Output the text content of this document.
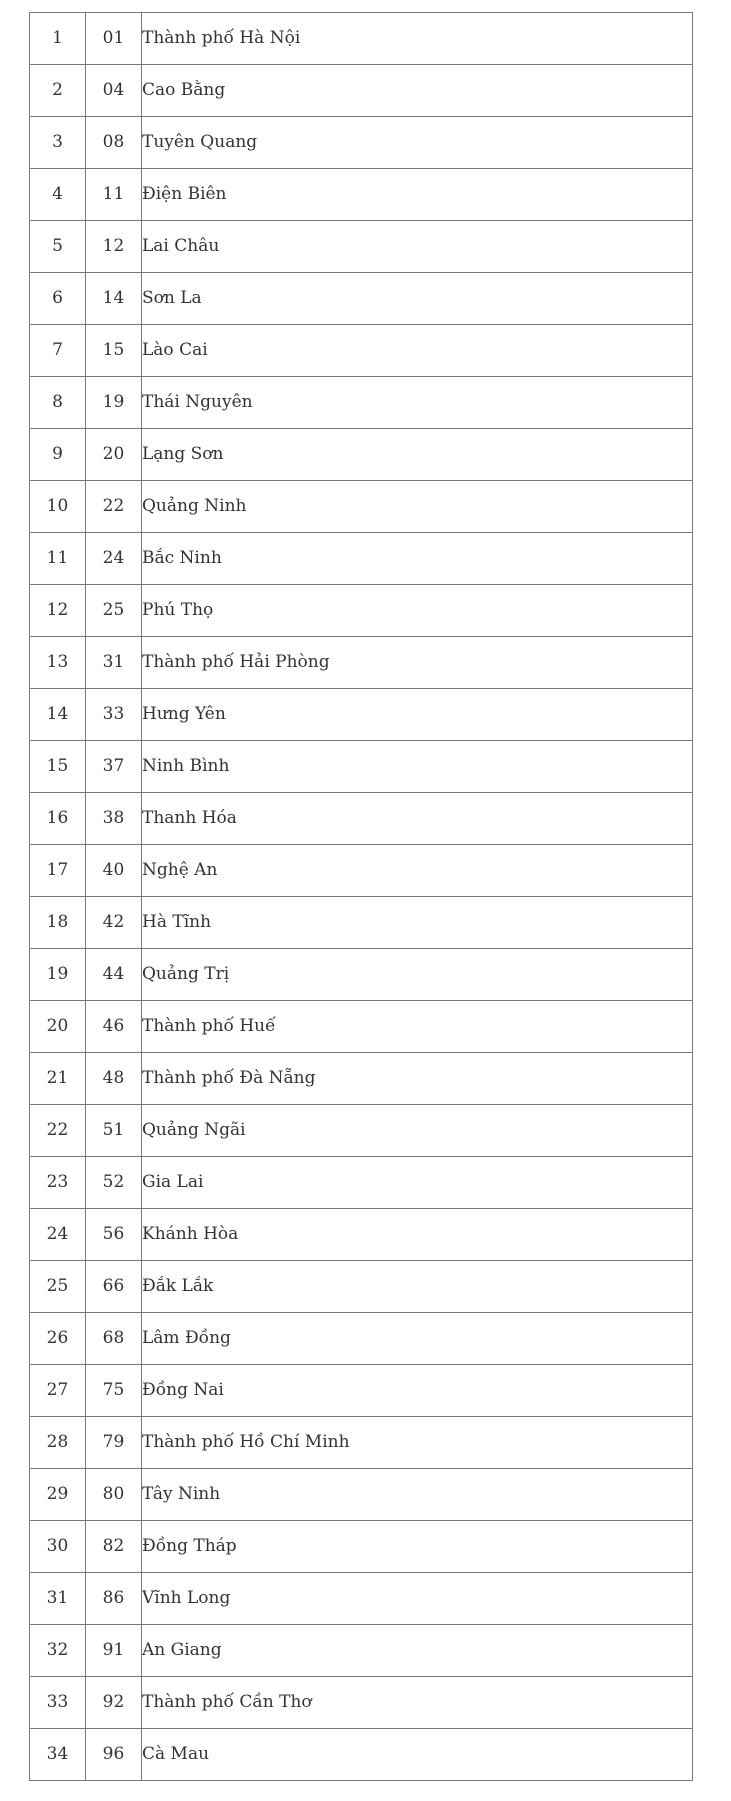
1	01	Thành phố Hà Nội
2	04	Cao Bằng
3	08	Tuyên Quang
4	11	Điện Biên
5	12	Lai Châu
6	14	Sơn La
7	15	Lào Cai
8	19	Thái Nguyên
9	20	Lạng Sơn
10	22	Quảng Ninh
11	24	Bắc Ninh
12	25	Phú Thọ
13	31	Thành phố Hải Phòng
14	33	Hưng Yên
15	37	Ninh Bình
16	38	Thanh Hóa
17	40	Nghệ An
18	42	Hà Tĩnh
19	44	Quảng Trị
20	46	Thành phố Huế
21	48	Thành phố Đà Nẵng
22	51	Quảng Ngãi
23	52	Gia Lai
24	56	Khánh Hòa
25	66	Đắk Lắk
26	68	Lâm Đồng
27	75	Đồng Nai
28	79	Thành phố Hồ Chí Minh
29	80	Tây Ninh
30	82	Đồng Tháp
31	86	Vĩnh Long
32	91	An Giang
33	92	Thành phố Cần Thơ
34	96	Cà Mau
